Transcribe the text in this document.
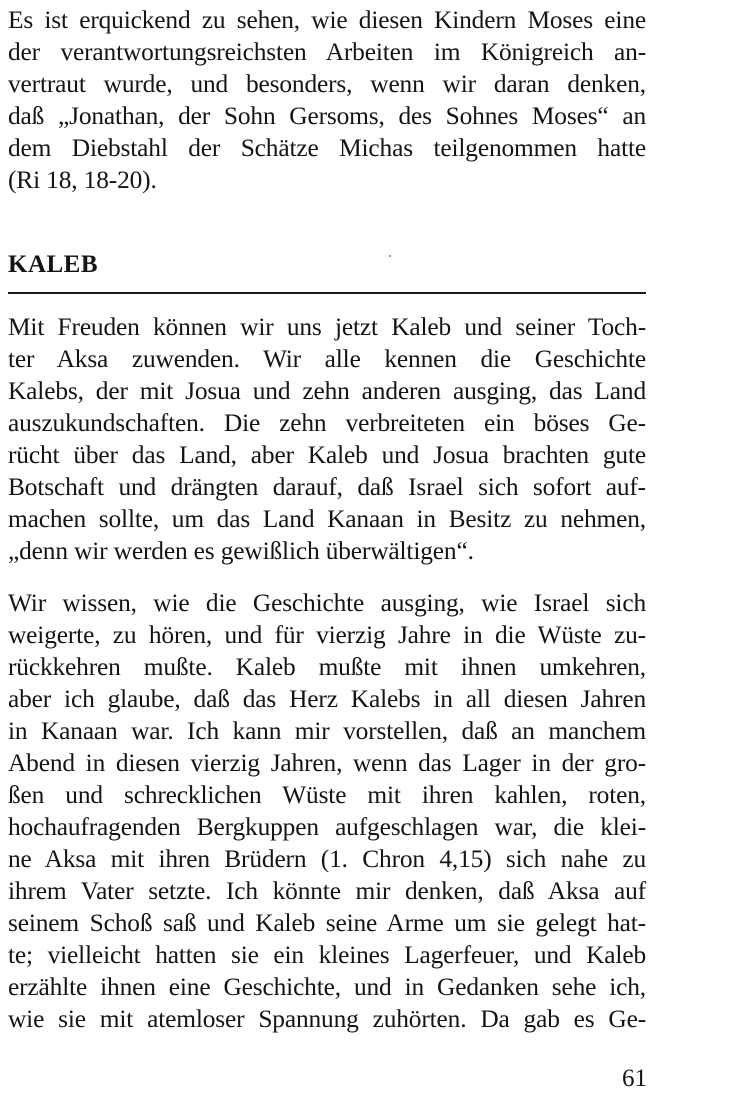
Es ist erquickend zu sehen, wie diesen Kindern Moses eine
der verantwortungsreichsten Arbeiten im Königreich an-
vertraut wurde, und besonders, wenn wir daran denken,
daß „Jonathan, der Sohn Gersoms, des Sohnes Moses“ an
dem Diebstahl der Schätze Michas teilgenommen hatte
(Ri 18, 18-20).
KALEB
Mit Freuden können wir uns jetzt Kaleb und seiner Toch-
ter Aksa zuwenden. Wir alle kennen die Geschichte
Kalebs, der mit Josua und zehn anderen ausging, das Land
auszukundschaften. Die zehn verbreiteten ein böses Ge-
rücht über das Land, aber Kaleb und Josua brachten gute
Botschaft und drängten darauf, daß Israel sich sofort auf-
machen sollte, um das Land Kanaan in Besitz zu nehmen,
„denn wir werden es gewißlich überwältigen“.
Wir wissen, wie die Geschichte ausging, wie Israel sich
weigerte, zu hören, und für vierzig Jahre in die Wüste zu-
rückkehren mußte. Kaleb mußte mit ihnen umkehren,
aber ich glaube, daß das Herz Kalebs in all diesen Jahren
in Kanaan war. Ich kann mir vorstellen, daß an manchem
Abend in diesen vierzig Jahren, wenn das Lager in der gro-
ßen und schrecklichen Wüste mit ihren kahlen, roten,
hochaufragenden Bergkuppen aufgeschlagen war, die klei-
ne Aksa mit ihren Brüdern (1. Chron 4,15) sich nahe zu
ihrem Vater setzte. Ich könnte mir denken, daß Aksa auf
seinem Schoß saß und Kaleb seine Arme um sie gelegt hat-
te; vielleicht hatten sie ein kleines Lagerfeuer, und Kaleb
erzählte ihnen eine Geschichte, und in Gedanken sehe ich,
wie sie mit atemloser Spannung zuhörten. Da gab es Ge-
61
